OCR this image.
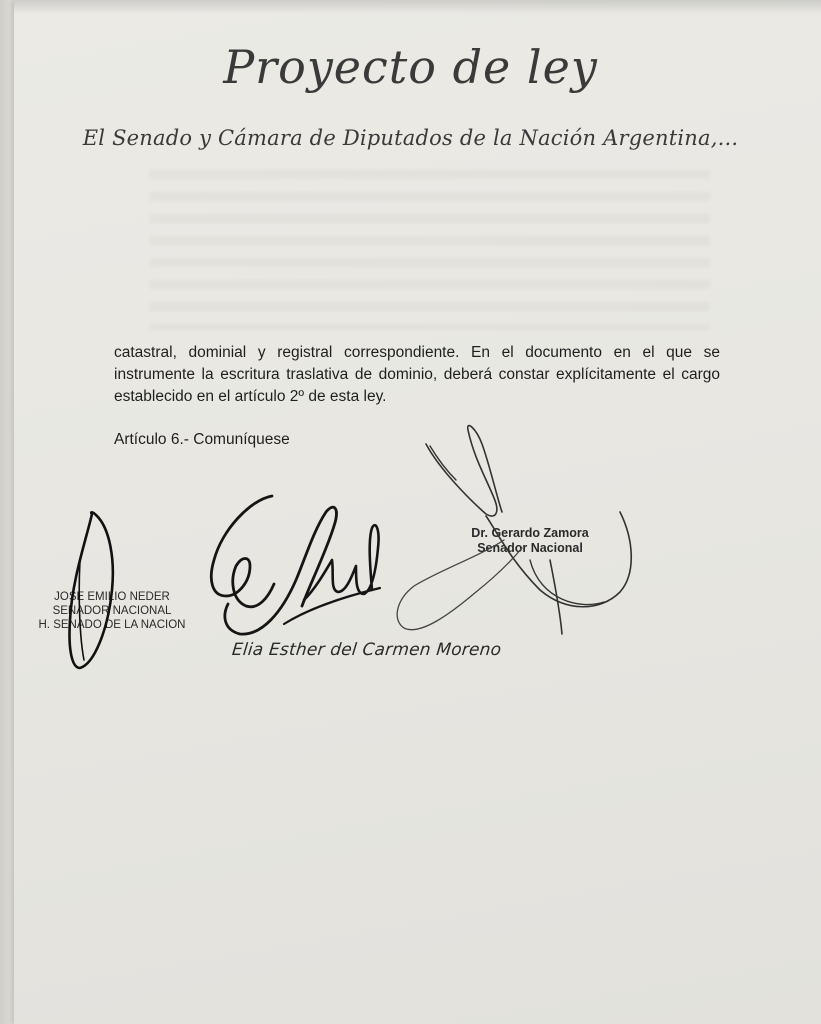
Proyecto de ley
El Senado y Cámara de Diputados de la Nación Argentina,...
catastral, dominial y registral correspondiente. En el documento en el que se instrumente la escritura traslativa de dominio, deberá constar explícitamente el cargo establecido en el artículo 2º de esta ley.
Artículo 6.- Comuníquese
JOSE EMILIO NEDER
SENADOR NACIONAL
H. SENADO DE LA NACION
Dr. Gerardo Zamora
Senador Nacional
Elia Esther del Carmen Moreno
